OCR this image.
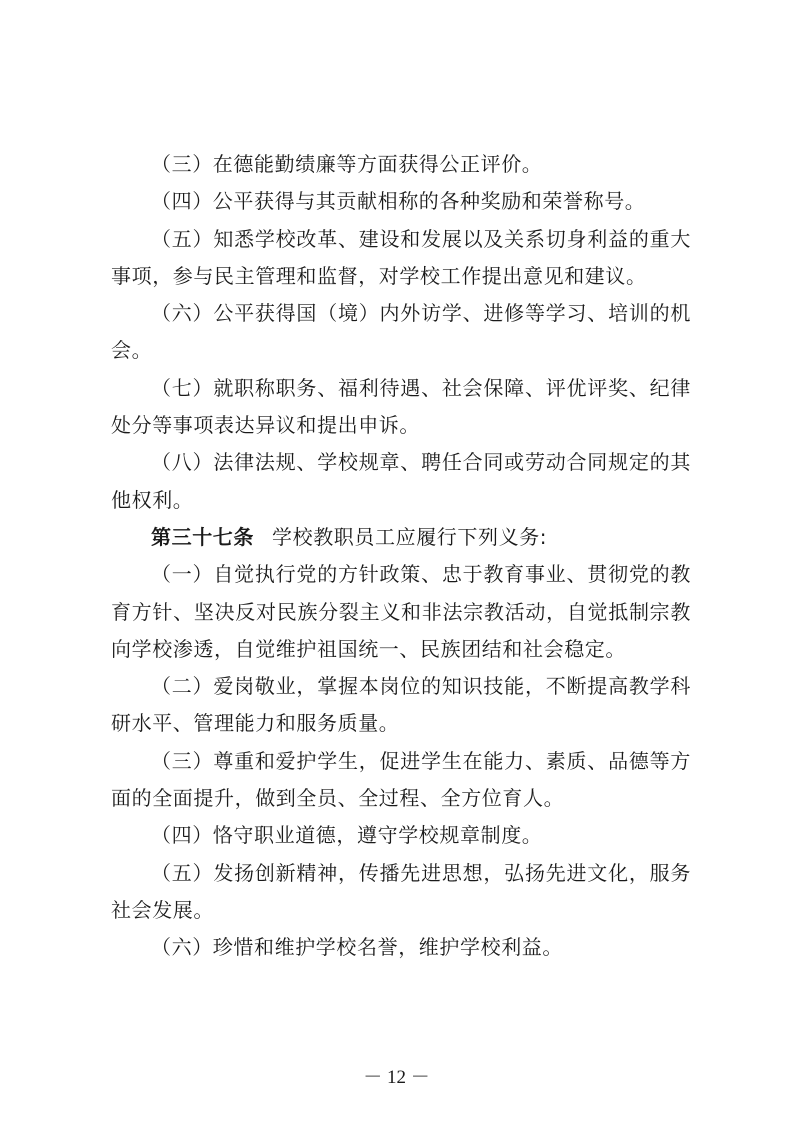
（三）在德能勤绩廉等方面获得公正评价。

（四）公平获得与其贡献相称的各种奖励和荣誉称号。

（五）知悉学校改革、建设和发展以及关系切身利益的重大事项，参与民主管理和监督，对学校工作提出意见和建议。

（六）公平获得国（境）内外访学、进修等学习、培训的机会。

（七）就职称职务、福利待遇、社会保障、评优评奖、纪律处分等事项表达异议和提出申诉。

（八）法律法规、学校规章、聘任合同或劳动合同规定的其他权利。

第三十七条 学校教职员工应履行下列义务:

（一）自觉执行党的方针政策、忠于教育事业、贯彻党的教育方针、坚决反对民族分裂主义和非法宗教活动，自觉抵制宗教向学校渗透，自觉维护祖国统一、民族团结和社会稳定。

（二）爱岗敬业，掌握本岗位的知识技能，不断提高教学科研水平、管理能力和服务质量。

（三）尊重和爱护学生，促进学生在能力、素质、品德等方面的全面提升，做到全员、全过程、全方位育人。

（四）恪守职业道德，遵守学校规章制度。

（五）发扬创新精神，传播先进思想，弘扬先进文化，服务社会发展。

（六）珍惜和维护学校名誉，维护学校利益。

－ 12 －
